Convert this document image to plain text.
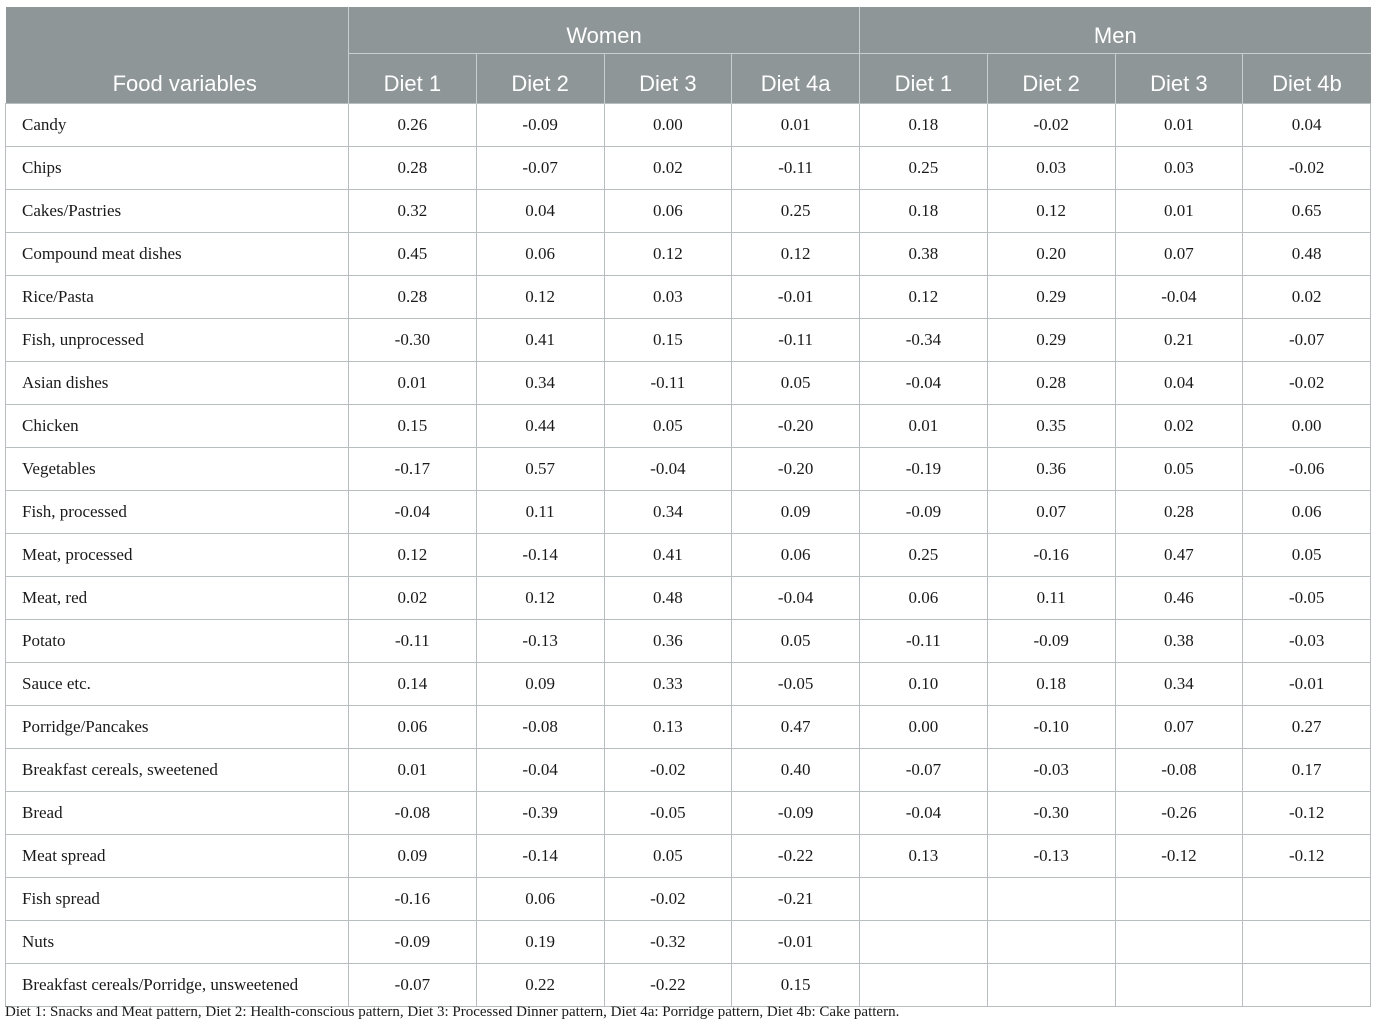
	Women				Men			
Food variables	Diet 1	Diet 2	Diet 3	Diet 4a	Diet 1	Diet 2	Diet 3	Diet 4b
Candy	0.26	-0.09	0.00	0.01	0.18	-0.02	0.01	0.04
Chips	0.28	-0.07	0.02	-0.11	0.25	0.03	0.03	-0.02
Cakes/Pastries	0.32	0.04	0.06	0.25	0.18	0.12	0.01	0.65
Compound meat dishes	0.45	0.06	0.12	0.12	0.38	0.20	0.07	0.48
Rice/Pasta	0.28	0.12	0.03	-0.01	0.12	0.29	-0.04	0.02
Fish, unprocessed	-0.30	0.41	0.15	-0.11	-0.34	0.29	0.21	-0.07
Asian dishes	0.01	0.34	-0.11	0.05	-0.04	0.28	0.04	-0.02
Chicken	0.15	0.44	0.05	-0.20	0.01	0.35	0.02	0.00
Vegetables	-0.17	0.57	-0.04	-0.20	-0.19	0.36	0.05	-0.06
Fish, processed	-0.04	0.11	0.34	0.09	-0.09	0.07	0.28	0.06
Meat, processed	0.12	-0.14	0.41	0.06	0.25	-0.16	0.47	0.05
Meat, red	0.02	0.12	0.48	-0.04	0.06	0.11	0.46	-0.05
Potato	-0.11	-0.13	0.36	0.05	-0.11	-0.09	0.38	-0.03
Sauce etc.	0.14	0.09	0.33	-0.05	0.10	0.18	0.34	-0.01
Porridge/Pancakes	0.06	-0.08	0.13	0.47	0.00	-0.10	0.07	0.27
Breakfast cereals, sweetened	0.01	-0.04	-0.02	0.40	-0.07	-0.03	-0.08	0.17
Bread	-0.08	-0.39	-0.05	-0.09	-0.04	-0.30	-0.26	-0.12
Meat spread	0.09	-0.14	0.05	-0.22	0.13	-0.13	-0.12	-0.12
Fish spread	-0.16	0.06	-0.02	-0.21				
Nuts	-0.09	0.19	-0.32	-0.01				
Breakfast cereals/Porridge, unsweetened	-0.07	0.22	-0.22	0.15				
Diet 1: Snacks and Meat pattern, Diet 2: Health-conscious pattern, Diet 3: Processed Dinner pattern, Diet 4a: Porridge pattern, Diet 4b: Cake pattern.
